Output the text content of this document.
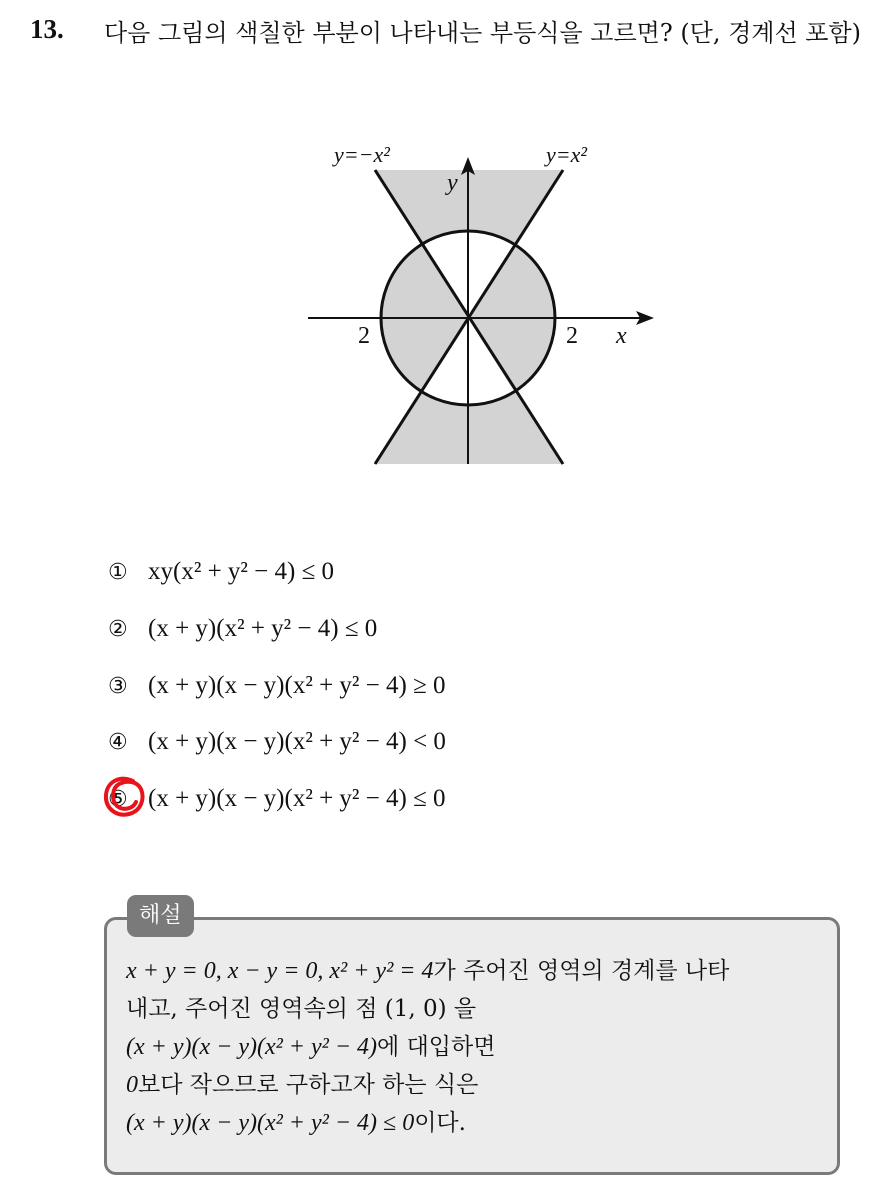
13. 다음 그림의 색칠한 부분이 나타내는 부등식을 고르면? (단, 경계선 포함)
y=−x²	y=x²
y
x
2	2
① xy(x² + y² − 4) ≤ 0
② (x + y)(x² + y² − 4) ≤ 0
③ (x + y)(x − y)(x² + y² − 4) ≥ 0
④ (x + y)(x − y)(x² + y² − 4) < 0
⑤ (x + y)(x − y)(x² + y² − 4) ≤ 0
해설
x + y = 0, x − y = 0, x² + y² = 4가 주어진 영역의 경계를 나타
내고, 주어진 영역속의 점 (1, 0) 을
(x + y)(x − y)(x² + y² − 4)에 대입하면
0보다 작으므로 구하고자 하는 식은
(x + y)(x − y)(x² + y² − 4) ≤ 0이다.
